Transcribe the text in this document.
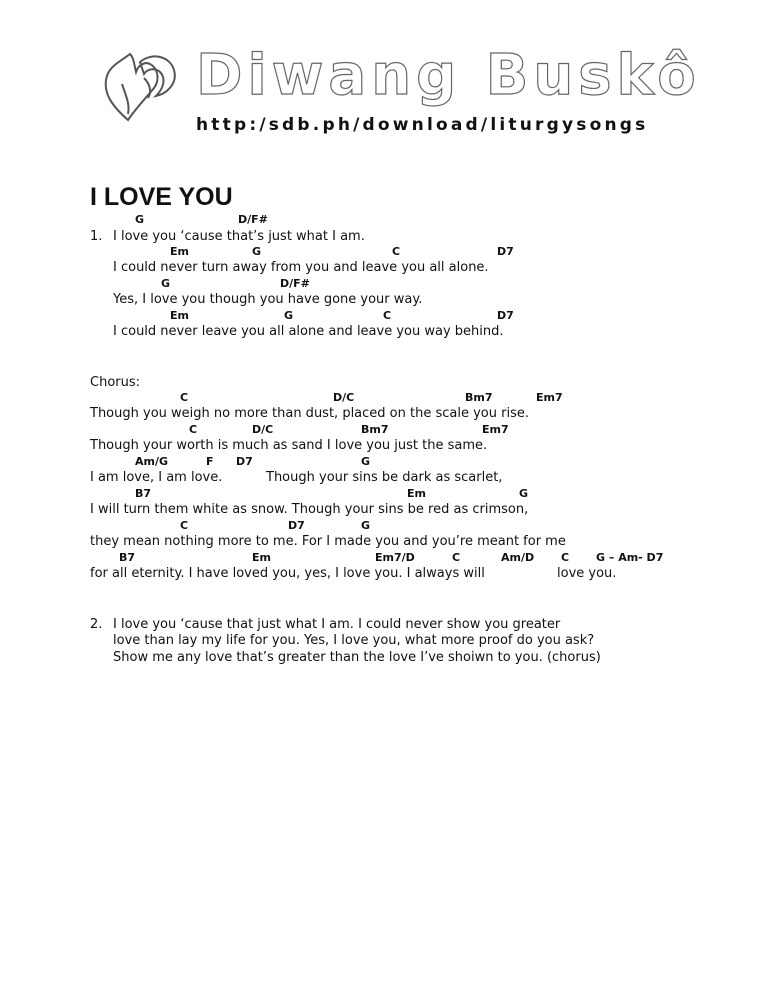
Diwang Buskô
http:/sdb.ph/download/liturgysongs
I LOVE YOU
G	D/F#
1. I love you ‘cause that’s just what I am.
Em	G	C	D7
I could never turn away from you and leave you all alone.
G	D/F#
Yes, I love you though you have gone your way.
Em	G	C	D7
I could never leave you all alone and leave you way behind.
Chorus:
C	D/C	Bm7	Em7
Though you weigh no more than dust, placed on the scale you rise.
C	D/C	Bm7	Em7
Though your worth is much as sand I love you just the same.
Am/G	F D7	G
I am love, I am love.	Though your sins be dark as scarlet,
B7	Em	G
I will turn them white as snow. Though your sins be red as crimson,
C	D7	G
they mean nothing more to me. For I made you and you’re meant for me
B7	Em	Em7/D	C	Am/D C G – Am- D7
for all eternity. I have loved you, yes, I love you. I always will	love you.
2. I love you ‘cause that just what I am. I could never show you greater
love than lay my life for you. Yes, I love you, what more proof do you ask?
Show me any love that’s greater than the love I’ve shoiwn to you. (chorus)
